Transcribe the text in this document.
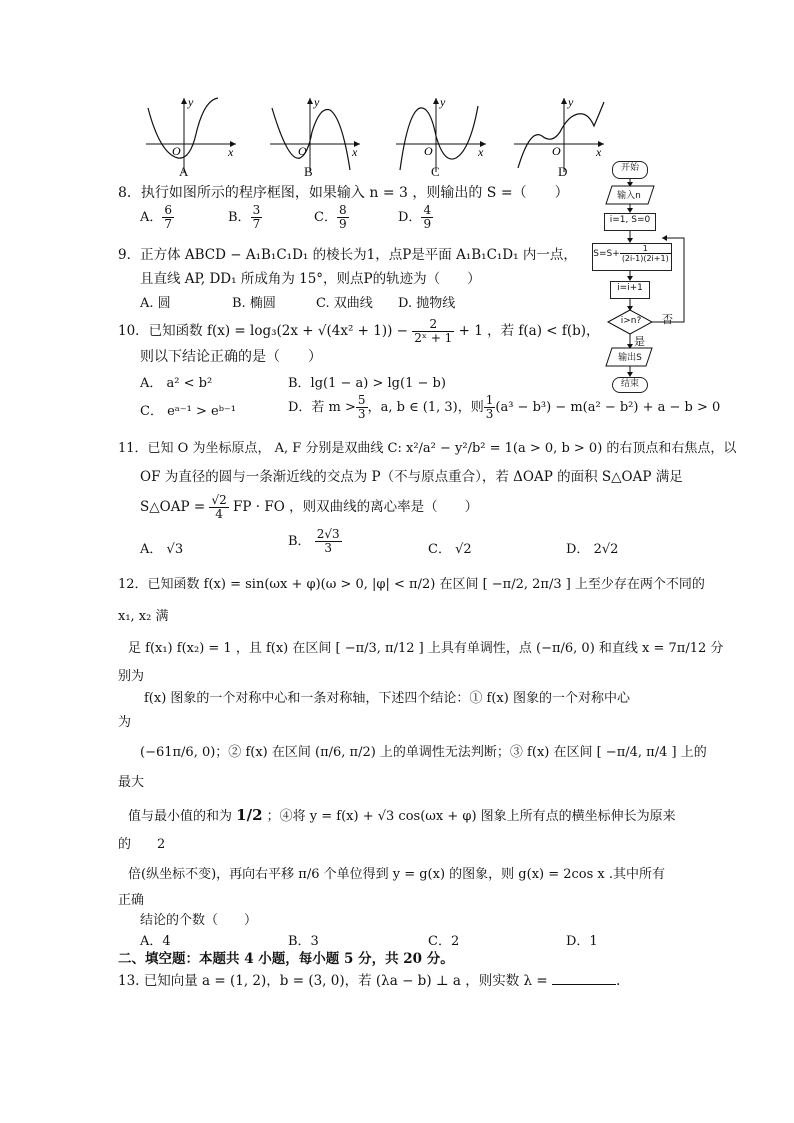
x
y
O	x
y
O	x
y
O	x
y
O
A	B	C	D	开始
输入n
i=1, S=0
$S=S+ \frac{1}{(2i-1)(2i+1)}$
i=i+1
i>n?	否
是
输出S
结束
8．执行如图所示的程序框图，如果输入 n = 3 ，则输出的 S =（　　）
A． $\frac{6}{7}$	B． $\frac{3}{7}$	C． $\frac{8}{9}$	D． $\frac{4}{9}$
9．正方体 ABCD − A₁B₁C₁D₁ 的棱长为1，点P是平面 A₁B₁C₁D₁ 内一点，
且直线 AP, DD₁ 所成角为 15°，则点P的轨迹为（　　）
A. 圆	B. 椭圆	C. 双曲线 D. 抛物线
10．已知函数 $f(x) = \log_3(2x + √(4x^2 + 1)) - \frac{2}{\text{2ˣ + 1}} + 1$ ，若 f(a) < f(b)，
则以下结论正确的是（　　）
A． a² < b²	B．lg(1 − a) > lg(1 − b)
C． eᵃ⁻¹ > eᵇ⁻¹	D．若 $m > \frac{5}{3}$ ，a, b ∈ (1, 3)，则 $\frac{1}{3} (a^3 - b^3) - m(a^2 - b^2) + a - b > 0$
11．已知 O 为坐标原点， A, F 分别是双曲线 C: x²/a² − y²/b² = 1(a > 0, b > 0) 的右顶点和右焦点，以
OF 为直径的圆与一条渐近线的交点为 P（不与原点重合），若 ΔOAP 的面积 S△OAP 满足
S△OAP = $\frac{√2}{4}$ FP · FO ，则双曲线的离心率是（　　）
A． √3
B． $\frac{2√3}{3}$	C． √2	D． 2√2
12．已知函数 f(x) = sin(ωx + φ)(ω > 0, |φ| < π/2) 在区间 [ −π/2, 2π/3 ] 上至少存在两个不同的
x₁, x₂ 满
足 f(x₁) f(x₂) = 1 ，且 f(x) 在区间 [ −π/3, π/12 ] 上具有单调性，点 (−π/6, 0) 和直线 x = 7π/12 分
别为
f(x) 图象的一个对称中心和一条对称轴，下述四个结论：① f(x) 图象的一个对称中心
为
(−61π/6, 0)；② f(x) 在区间 (π/6, π/2) 上的单调性无法判断；③ f(x) 在区间 [ −π/4, π/4 ] 上的
最大
值与最小值的和为 1/2 ；④将 y = f(x) + √3 cos(ωx + φ) 图象上所有点的横坐标伸长为原来
的　　2
倍(纵坐标不变)，再向右平移 π/6 个单位得到 y = g(x) 的图象，则 g(x) = 2cos x .其中所有
正确
结论的个数（　　）
A．4	B．3	C．2	D．1
二、填空题：本题共 4 小题，每小题 5 分，共 20 分。
13. 已知向量 a = (1, 2)，b = (3, 0)，若 (λa − b) ⊥ a ，则实数 λ =	.
